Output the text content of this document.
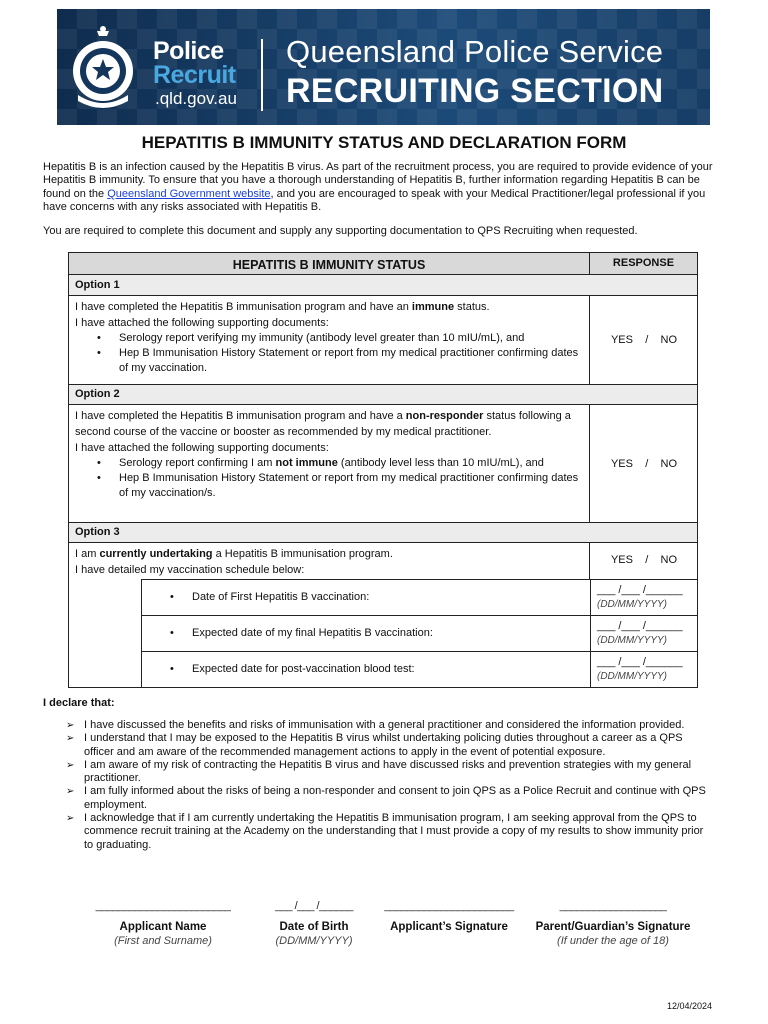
Police
Recruit
.qld.gov.au
Queensland Police Service
RECRUITING SECTION
HEPATITIS B IMMUNITY STATUS AND DECLARATION FORM
Hepatitis B is an infection caused by the Hepatitis B virus. As part of the recruitment process, you are required to provide evidence of your Hepatitis B immunity. To ensure that you have a thorough understanding of Hepatitis B, further information regarding Hepatitis B can be found on the Queensland Government website, and you are encouraged to speak with your Medical Practitioner/legal professional if you have concerns with any risks associated with Hepatitis B.
You are required to complete this document and supply any supporting documentation to QPS Recruiting when requested.
HEPATITIS B IMMUNITY STATUS	RESPONSE
Option 1
I have completed the Hepatitis B immunisation program and have an immune status.
I have attached the following supporting documents:
• Serology report verifying my immunity (antibody level greater than 10 mIU/mL), and
• Hep B Immunisation History Statement or report from my medical practitioner confirming dates of my vaccination.
YES / NO
Option 2
I have completed the Hepatitis B immunisation program and have a non-responder status following a second course of the vaccine or booster as recommended by my medical practitioner.
I have attached the following supporting documents:
• Serology report confirming I am not immune (antibody level less than 10 mIU/mL), and
• Hep B Immunisation History Statement or report from my medical practitioner confirming dates of my vaccination/s.
YES / NO
Option 3
I am currently undertaking a Hepatitis B immunisation program.
I have detailed my vaccination schedule below:
YES / NO
• Date of First Hepatitis B vaccination:
___ /___ /______
(DD/MM/YYYY)
• Expected date of my final Hepatitis B vaccination:
___ /___ /______
(DD/MM/YYYY)
• Expected date for post-vaccination blood test:
___ /___ /______
(DD/MM/YYYY)
I declare that:
➢ I have discussed the benefits and risks of immunisation with a general practitioner and considered the information provided.
➢ I understand that I may be exposed to the Hepatitis B virus whilst undertaking policing duties throughout a career as a QPS officer and am aware of the recommended management actions to apply in the event of potential exposure.
➢ I am aware of my risk of contracting the Hepatitis B virus and have discussed risks and prevention strategies with my general practitioner.
➢ I am fully informed about the risks of being a non-responder and consent to join QPS as a Police Recruit and continue with QPS employment.
➢ I acknowledge that if I am currently undertaking the Hepatitis B immunisation program, I am seeking approval from the QPS to commence recruit training at the Academy on the understanding that I must provide a copy of my results to show immunity prior to graduating.
________________________
Applicant Name
(First and Surname)
___ /___ /______
Date of Birth
(DD/MM/YYYY)
_______________________
Applicant’s Signature
___________________
Parent/Guardian’s Signature
(If under the age of 18)
12/04/2024
